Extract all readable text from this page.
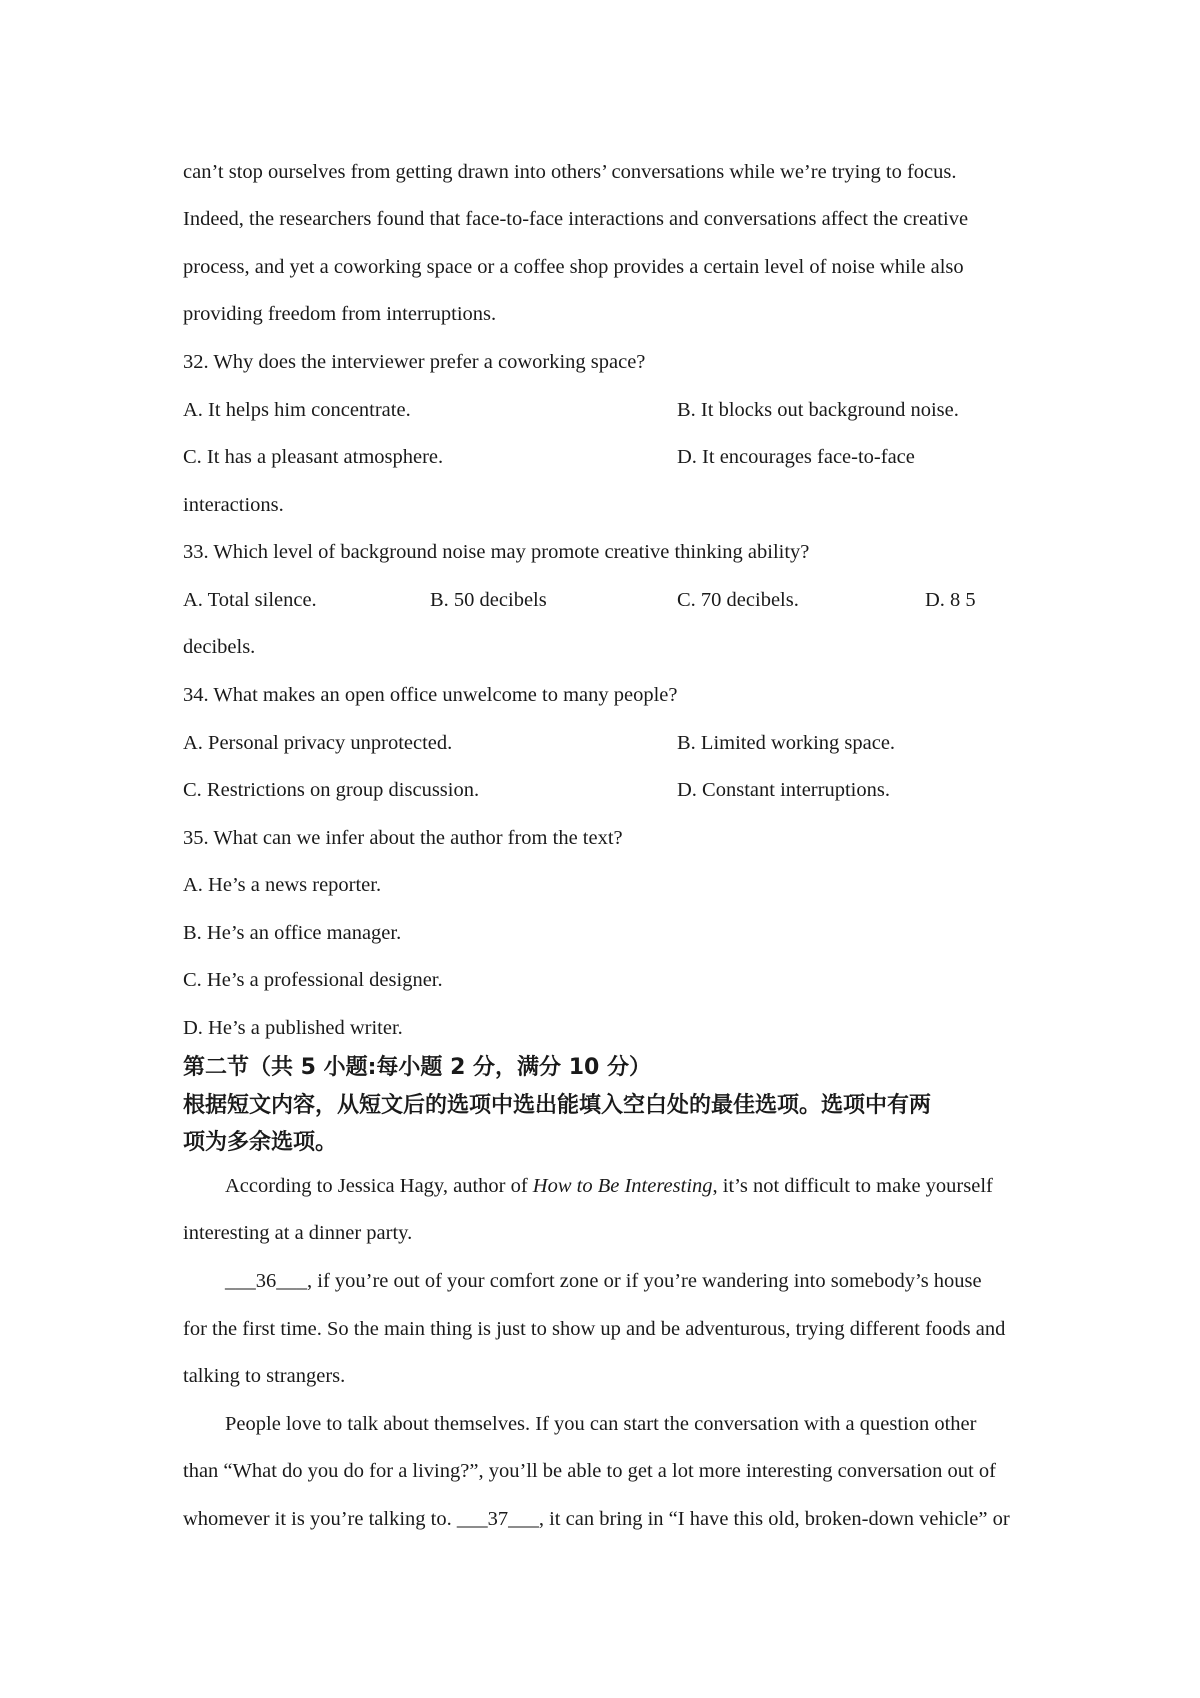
can’t stop ourselves from getting drawn into others’ conversations while we’re trying to focus.
Indeed, the researchers found that face-to-face interactions and conversations affect the creative
process, and yet a coworking space or a coffee shop provides a certain level of noise while also
providing freedom from interruptions.
32. Why does the interviewer prefer a coworking space?
A. It helps him concentrate.	B. It blocks out background noise.
C. It has a pleasant atmosphere.	D. It encourages face-to-face
interactions.
33. Which level of background noise may promote creative thinking ability?
A. Total silence.	B. 50 decibels	C. 70 decibels.	D. 8 5
decibels.
34. What makes an open office unwelcome to many people?
A. Personal privacy unprotected.	B. Limited working space.
C. Restrictions on group discussion.	D. Constant interruptions.
35. What can we infer about the author from the text?
A. He’s a news reporter.
B. He’s an office manager.
C. He’s a professional designer.
D. He’s a published writer.
第二节（共 5 小题:每小题 2 分，满分 10 分）
根据短文内容，从短文后的选项中选出能填入空白处的最佳选项。选项中有两
项为多余选项。
According to Jessica Hagy, author of How to Be Interesting, it’s not difficult to make yourself
interesting at a dinner party.
___36___, if you’re out of your comfort zone or if you’re wandering into somebody’s house
for the first time. So the main thing is just to show up and be adventurous, trying different foods and
talking to strangers.
People love to talk about themselves. If you can start the conversation with a question other
than “What do you do for a living?”, you’ll be able to get a lot more interesting conversation out of
whomever it is you’re talking to. ___37___, it can bring in “I have this old, broken-down vehicle” or
